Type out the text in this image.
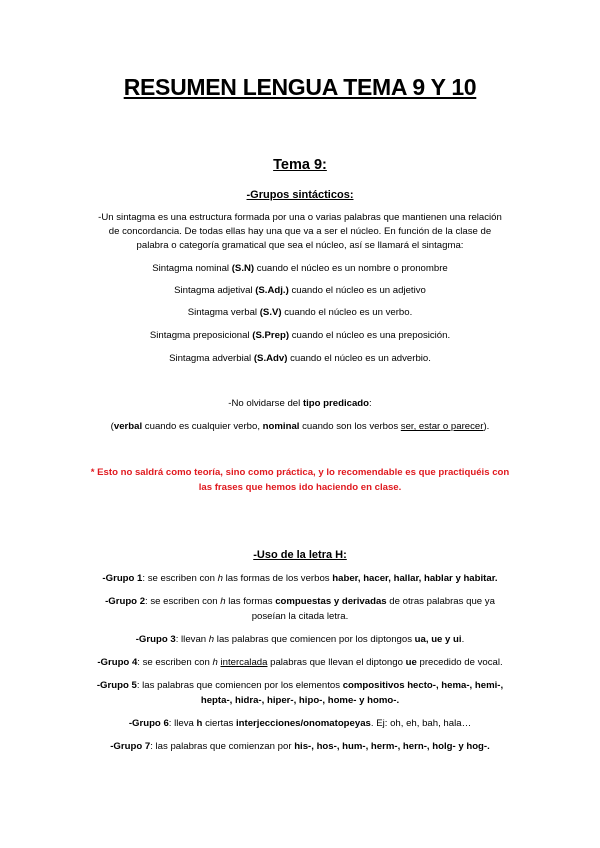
RESUMEN LENGUA TEMA 9 Y 10
Tema 9:
-Grupos sintácticos:
-Un sintagma es una estructura formada por una o varias palabras que mantienen una relación
de concordancia. De todas ellas hay una que va a ser el núcleo. En función de la clase de
palabra o categoría gramatical que sea el núcleo, así se llamará el sintagma:
Sintagma nominal (S.N) cuando el núcleo es un nombre o pronombre
Sintagma adjetival (S.Adj.) cuando el núcleo es un adjetivo
Sintagma verbal (S.V) cuando el núcleo es un verbo.
Sintagma preposicional (S.Prep) cuando el núcleo es una preposición.
Sintagma adverbial (S.Adv) cuando el núcleo es un adverbio.
-No olvidarse del tipo predicado:
(verbal cuando es cualquier verbo, nominal cuando son los verbos ser, estar o parecer).
* Esto no saldrá como teoría, sino como práctica, y lo recomendable es que practiquéis con
las frases que hemos ido haciendo en clase.
-Uso de la letra H:
-Grupo 1: se escriben con h las formas de los verbos haber, hacer, hallar, hablar y habitar.
-Grupo 2: se escriben con h las formas compuestas y derivadas de otras palabras que ya
poseían la citada letra.
-Grupo 3: llevan h las palabras que comiencen por los diptongos ua, ue y ui.
-Grupo 4: se escriben con h intercalada palabras que llevan el diptongo ue precedido de vocal.
-Grupo 5: las palabras que comiencen por los elementos compositivos hecto-, hema-, hemi-,
hepta-, hidra-, hiper-, hipo-, home- y homo-.
-Grupo 6: lleva h ciertas interjecciones/onomatopeyas. Ej: oh, eh, bah, hala…
-Grupo 7: las palabras que comienzan por his-, hos-, hum-, herm-, hern-, holg- y hog-.
